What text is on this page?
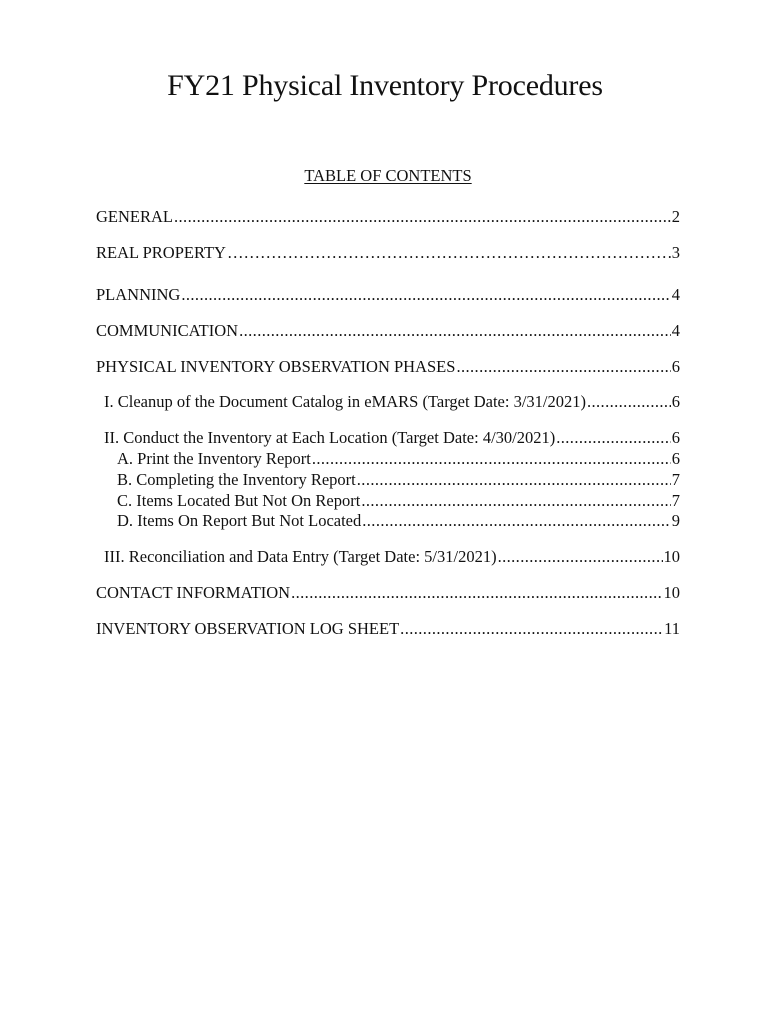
FY21 Physical Inventory Procedures
TABLE OF CONTENTS
GENERAL .....	2
REAL PROPERTY ………………………………………………………………………………………………………………………………………………	3
PLANNING .....	4
COMMUNICATION .....	4
PHYSICAL INVENTORY OBSERVATION PHASES .....	6
I. Cleanup of the Document Catalog in eMARS (Target Date: 3/31/2021) .....	6
II. Conduct the Inventory at Each Location (Target Date: 4/30/2021) .....	6
A. Print the Inventory Report .....	6
B. Completing the Inventory Report .....	7
C. Items Located But Not On Report .....	7
D. Items On Report But Not Located .....	9
III. Reconciliation and Data Entry (Target Date: 5/31/2021) .....	10
CONTACT INFORMATION .....	10
INVENTORY OBSERVATION LOG SHEET .....	11
